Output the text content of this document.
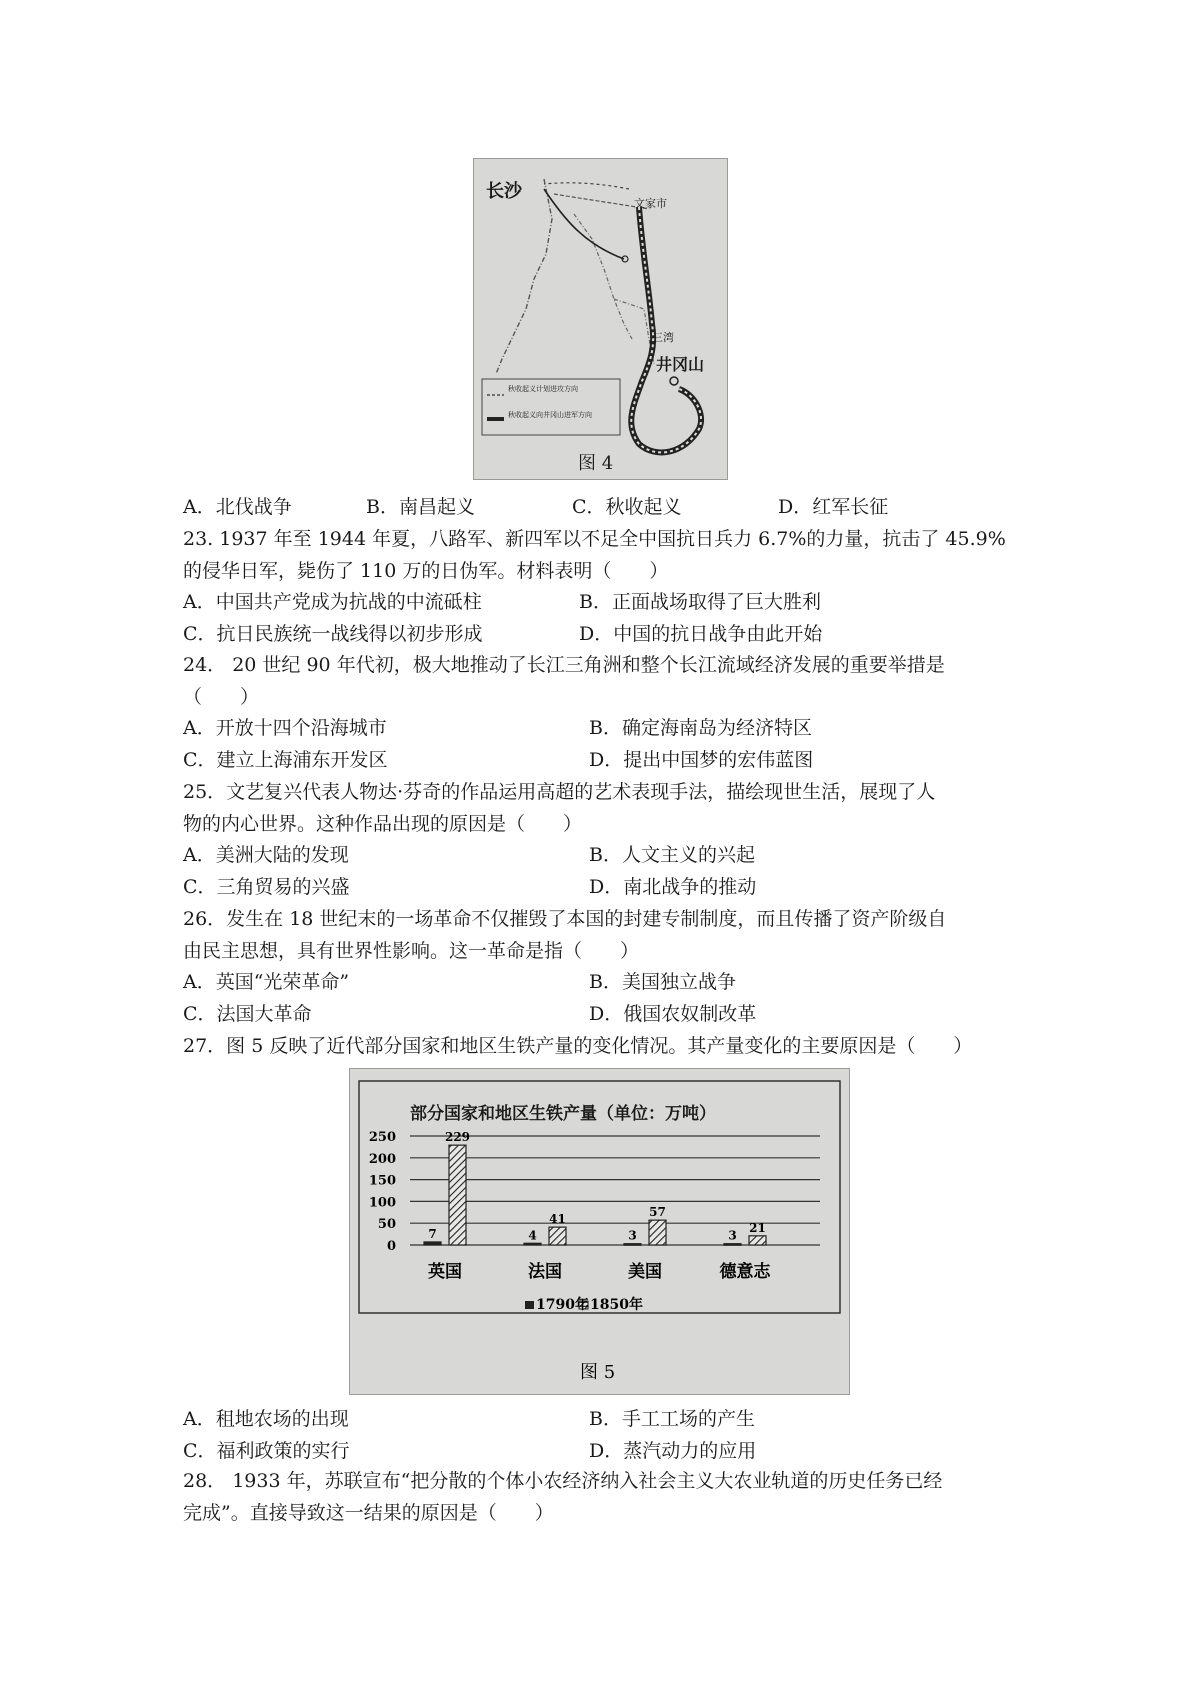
长沙
文家市
三湾
井冈山
秋收起义计划进攻方向
秋收起义向井冈山进军方向
图 4
A．北伐战争	B．南昌起义	C．秋收起义	D．红军长征
23. 1937 年至 1944 年夏，八路军、新四军以不足全中国抗日兵力 6.7%的力量，抗击了 45.9%
的侵华日军，毙伤了 110 万的日伪军。材料表明（　　）
A．中国共产党成为抗战的中流砥柱	B．正面战场取得了巨大胜利
C．抗日民族统一战线得以初步形成	D．中国的抗日战争由此开始
24． 20 世纪 90 年代初，极大地推动了长江三角洲和整个长江流域经济发展的重要举措是
（　　）
A．开放十四个沿海城市	B．确定海南岛为经济特区
C．建立上海浦东开发区	D．提出中国梦的宏伟蓝图
25．文艺复兴代表人物达·芬奇的作品运用高超的艺术表现手法，描绘现世生活，展现了人
物的内心世界。这种作品出现的原因是（　　）
A．美洲大陆的发现	B．人文主义的兴起
C．三角贸易的兴盛	D．南北战争的推动
26．发生在 18 世纪末的一场革命不仅摧毁了本国的封建专制制度，而且传播了资产阶级自
由民主思想，具有世界性影响。这一革命是指（　　）
A．英国“光荣革命”	B．美国独立战争
C．法国大革命	D．俄国农奴制改革
27．图 5 反映了近代部分国家和地区生铁产量的变化情况。其产量变化的主要原因是（　　）
部分国家和地区生铁产量（单位：万吨）
0
50
100
150
200
250
7
229
英国
4
41
法国
3
57
美国
3
21
德意志
1790年 1850年
图 5
A．租地农场的出现	B．手工工场的产生
C．福利政策的实行	D．蒸汽动力的应用
28． 1933 年，苏联宣布“把分散的个体小农经济纳入社会主义大农业轨道的历史任务已经
完成”。直接导致这一结果的原因是（　　）
